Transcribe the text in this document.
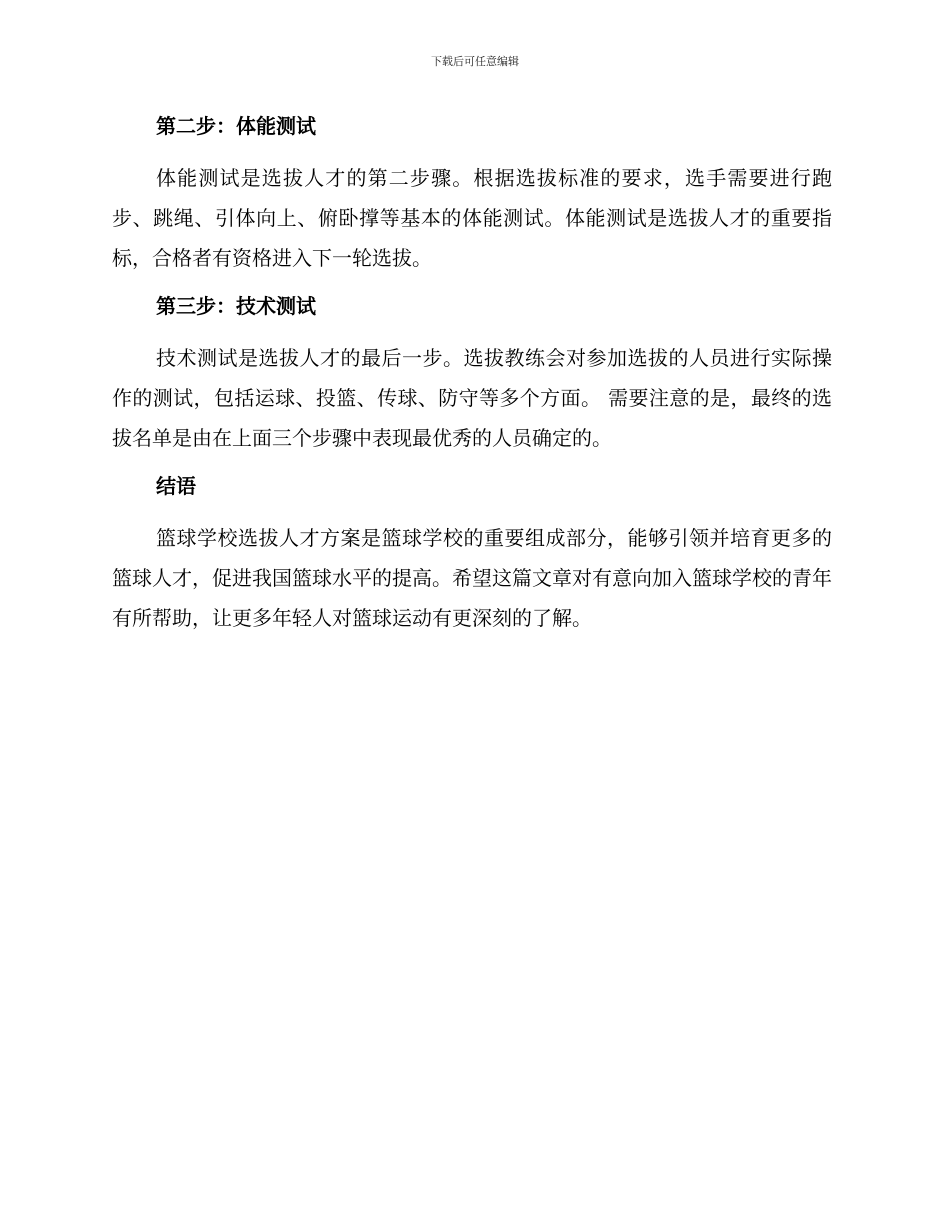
下载后可任意编辑
第二步：体能测试

体能测试是选拔人才的第二步骤。根据选拔标准的要求，选手需要进行跑步、跳绳、引体向上、俯卧撑等基本的体能测试。体能测试是选拔人才的重要指标，合格者有资格进入下一轮选拔。

第三步：技术测试

技术测试是选拔人才的最后一步。选拔教练会对参加选拔的人员进行实际操作的测试，包括运球、投篮、传球、防守等多个方面。 需要注意的是，最终的选拔名单是由在上面三个步骤中表现最优秀的人员确定的。

结语

篮球学校选拔人才方案是篮球学校的重要组成部分，能够引领并培育更多的篮球人才，促进我国篮球水平的提高。希望这篇文章对有意向加入篮球学校的青年有所帮助，让更多年轻人对篮球运动有更深刻的了解。
